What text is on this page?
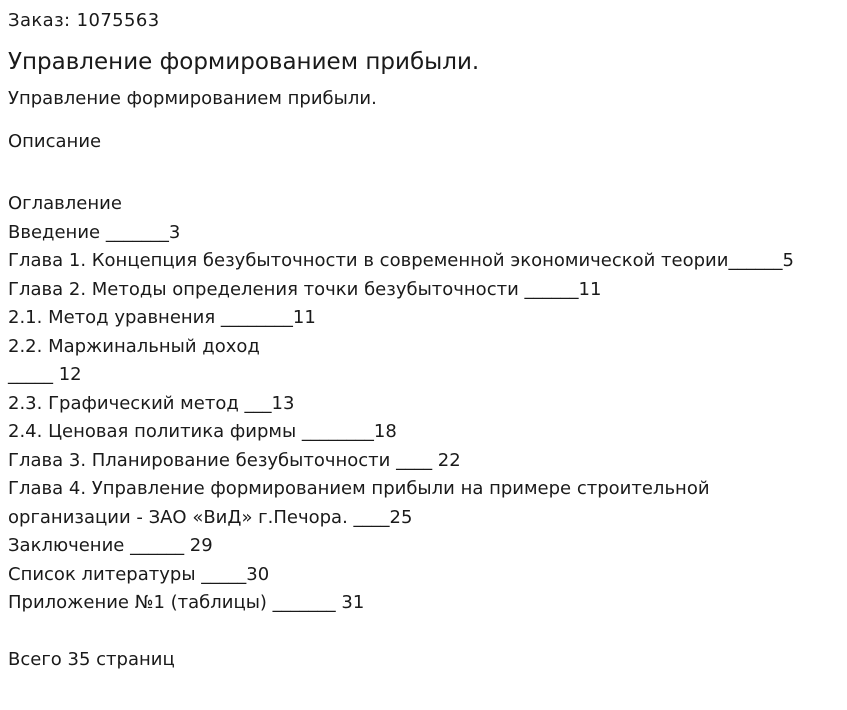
Заказ: 1075563
Управление формированием прибыли.
Управление формированием прибыли.
Описание
Оглавление
Введение _______3
Глава 1. Концепция безубыточности в современной экономической теории______5
Глава 2. Методы определения точки безубыточности ______11
2.1. Метод уравнения ________11
2.2. Маржинальный доход
_____ 12
2.3. Графический метод ___13
2.4. Ценовая политика фирмы ________18
Глава 3. Планирование безубыточности ____ 22
Глава 4. Управление формированием прибыли на примере строительной
организации - ЗАО «ВиД» г.Печора. ____25
Заключение ______ 29
Список литературы _____30
Приложение №1 (таблицы) _______ 31
Всего 35 страниц
